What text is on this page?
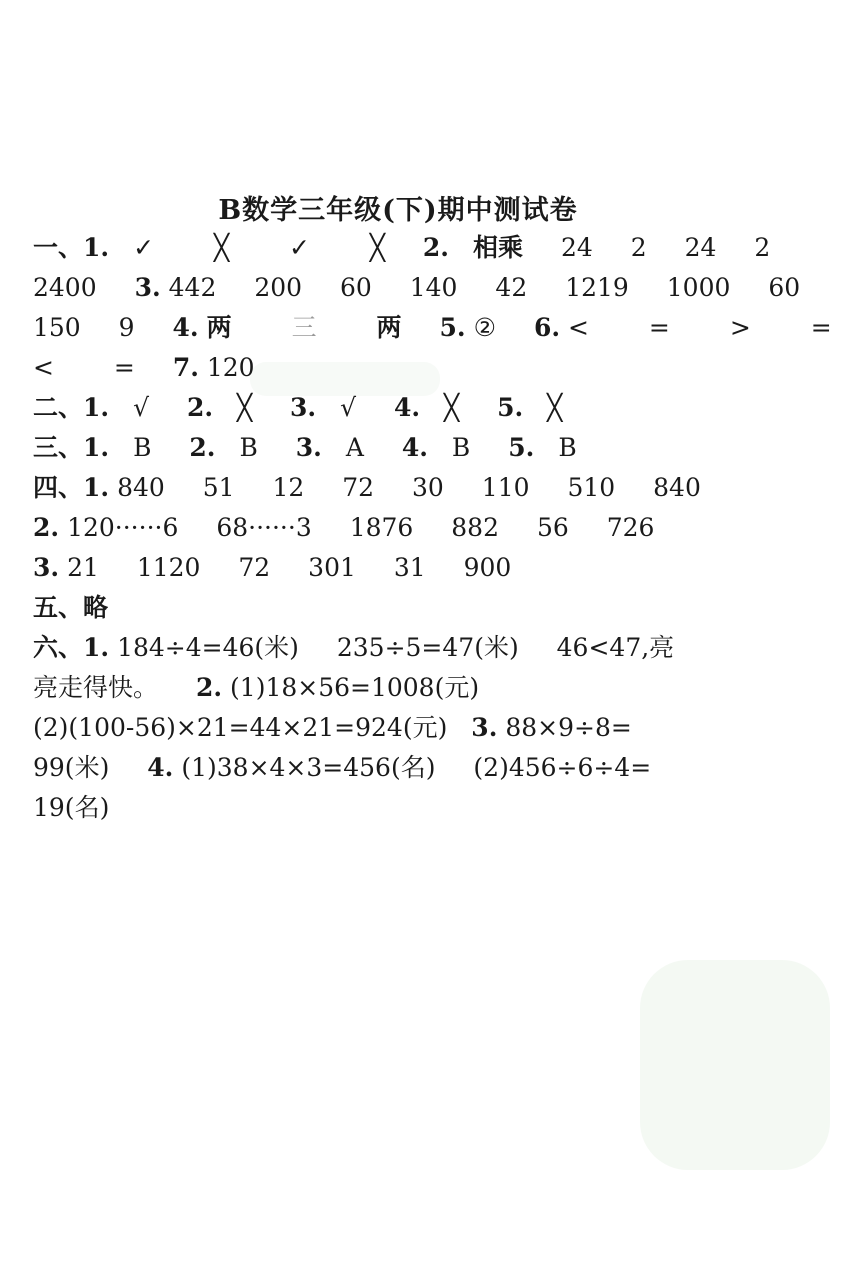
B数学三年级(下)期中测试卷
一、1. ✓ ╳ ✓ ╳ 2. 相乘 24 2 24 2
2400 3. 442 200 60 140 42 1219 1000 60
150 9 4. 两 三 两 5. ② 6. < = > =
< = 7. 120
二、1. √ 2. ╳ 3. √ 4. ╳ 5. ╳
三、1. B 2. B 3. A 4. B 5. B
四、1. 840 51 12 72 30 110 510 840
2. 120······6 68······3 1876 882 56 726
3. 21 1120 72 301 31 900
五、略
六、1. 184÷4=46(米) 235÷5=47(米) 46<47,亮
亮走得快。 2. (1)18×56=1008(元)
(2)(100-56)×21=44×21=924(元) 3. 88×9÷8=
99(米) 4. (1)38×4×3=456(名) (2)456÷6÷4=
19(名)
